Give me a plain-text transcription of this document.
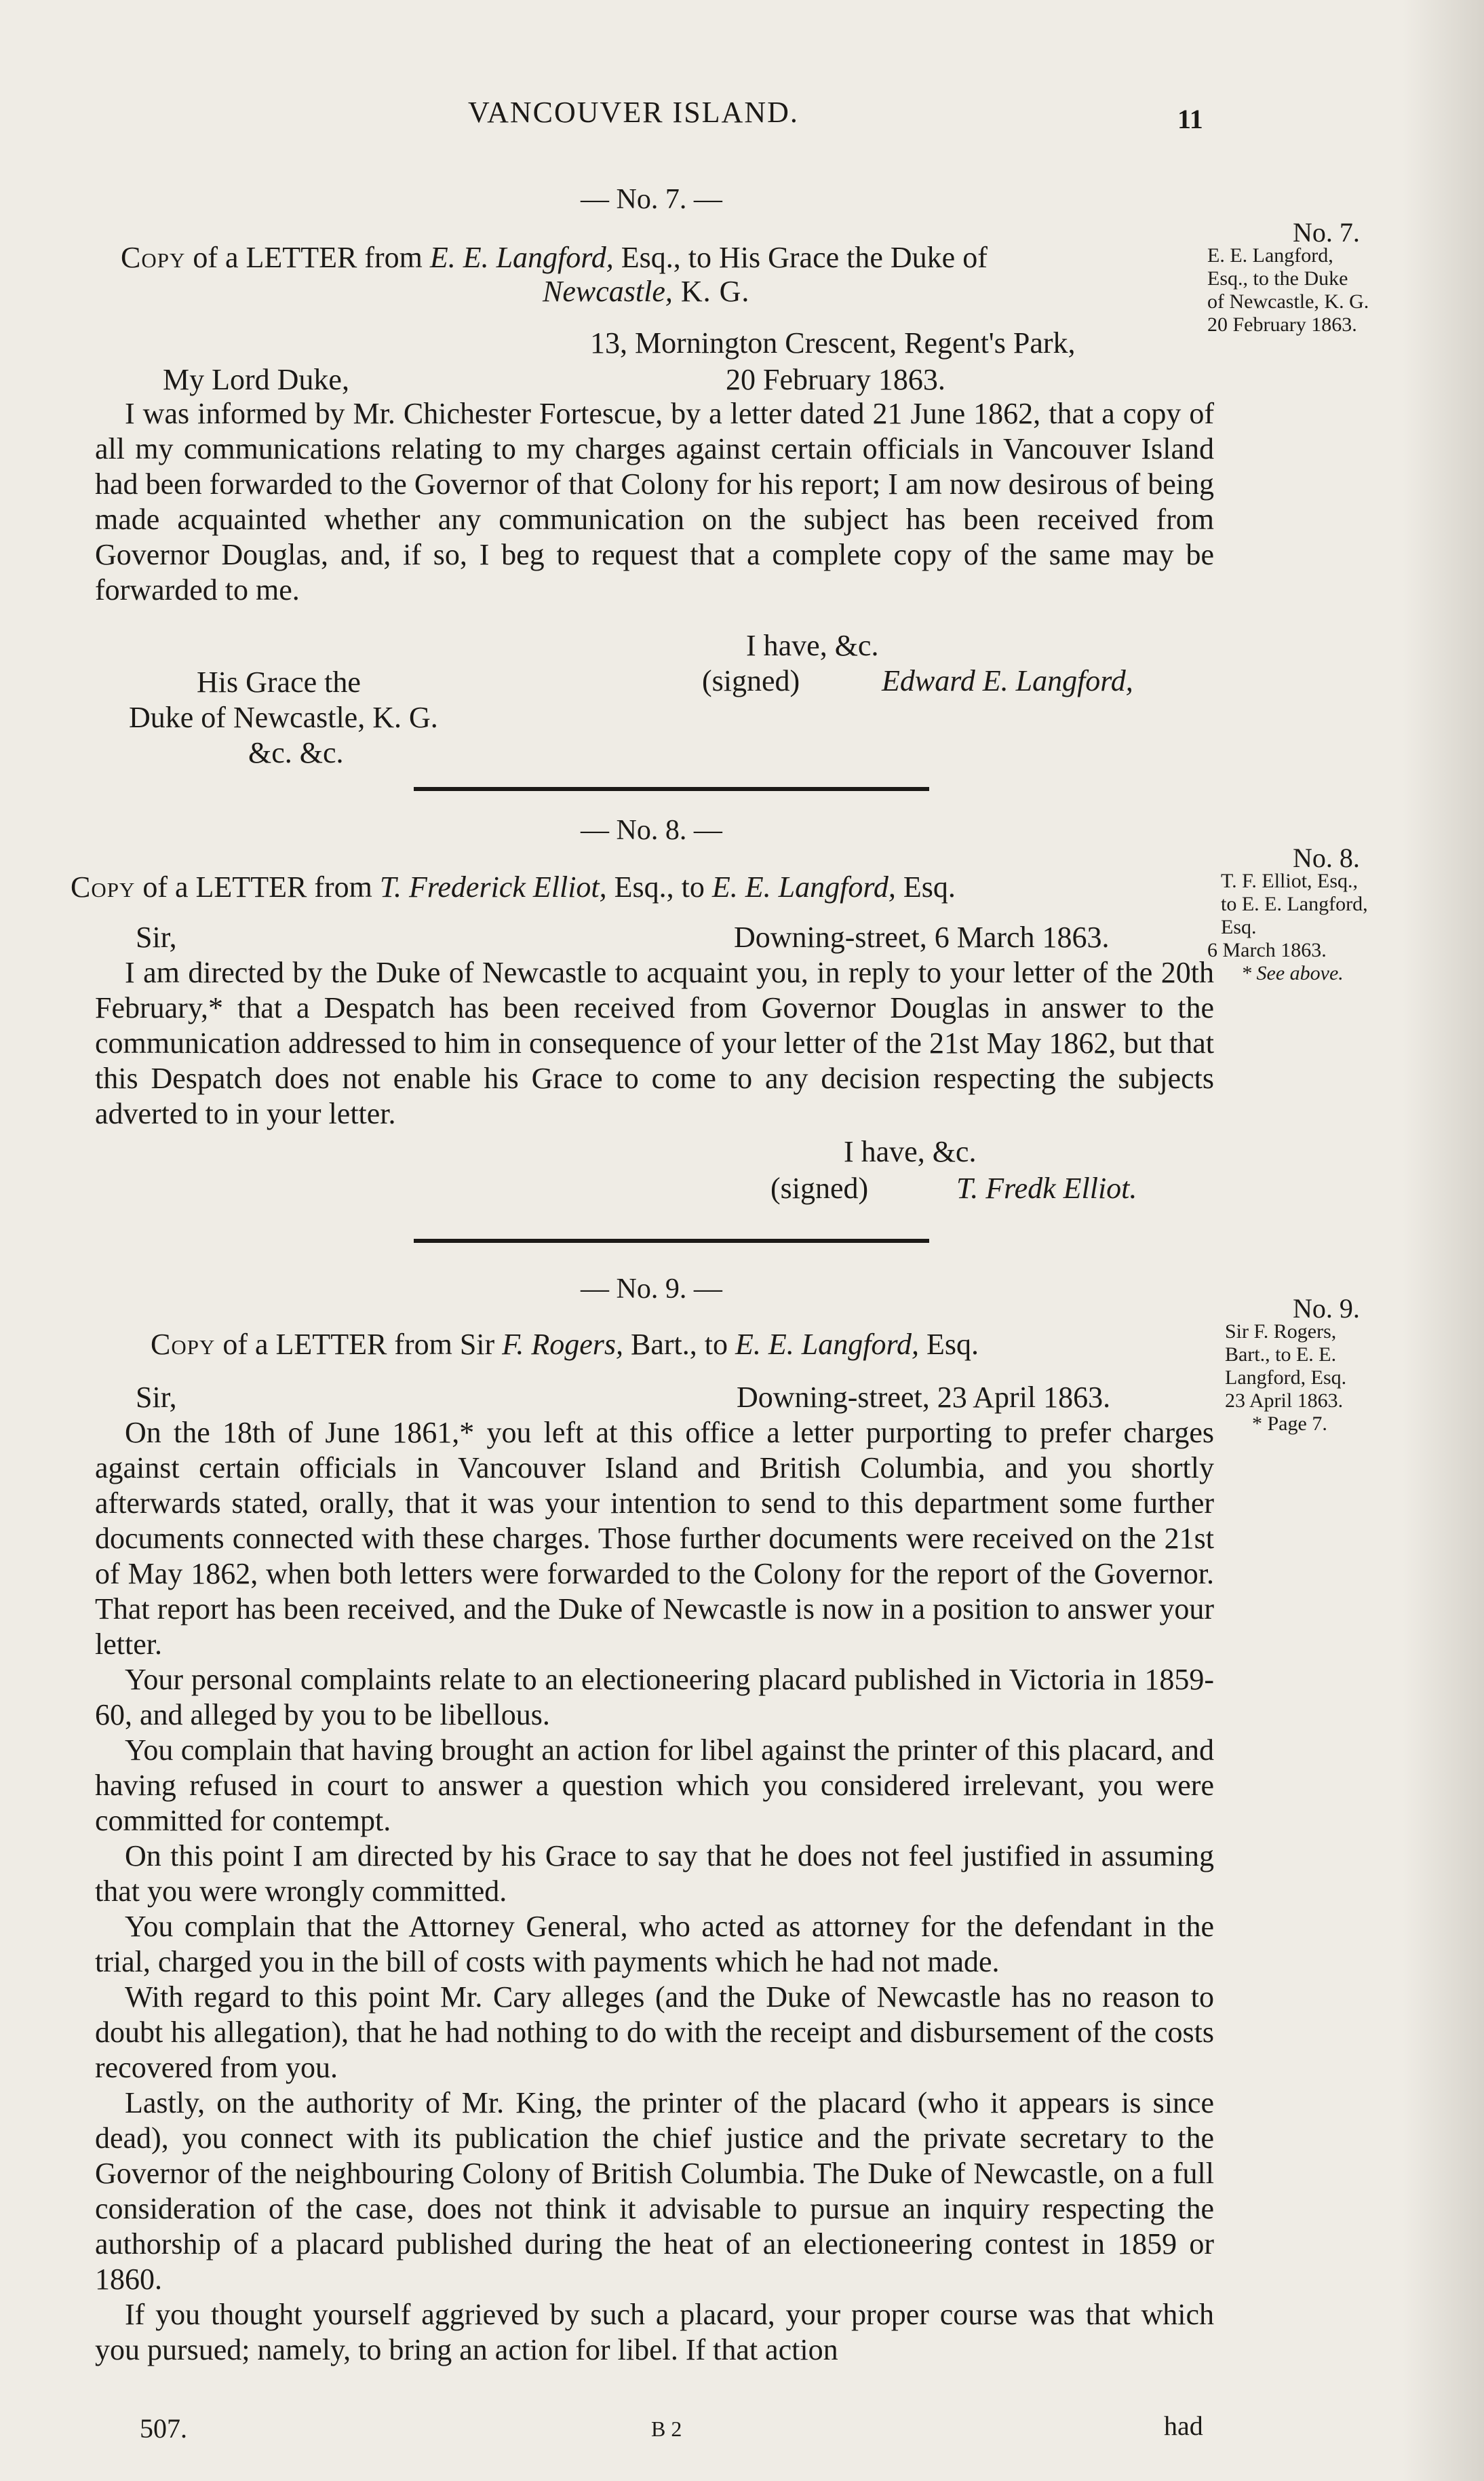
VANCOUVER ISLAND.	11
— No. 7. —
Copy of a LETTER from E. E. Langford, Esq., to His Grace the Duke of
Newcastle, K. G.
13, Mornington Crescent, Regent's Park,
My Lord Duke,	20 February 1863.

I was informed by Mr. Chichester Fortescue, by a letter dated 21 June 1862, that a copy of all my communications relating to my charges against certain officials in Vancouver Island had been forwarded to the Governor of that Colony for his report; I am now desirous of being made acquainted whether any communication on the subject has been received from Governor Douglas, and, if so, I beg to request that a complete copy of the same may be forwarded to me.

I have, &c.
(signed)	Edward E. Langford,
His Grace the
Duke of Newcastle, K. G.
&c. &c.
No. 7.
E. E. Langford,
Esq., to the Duke
of Newcastle, K. G.
20 February 1863.
— No. 8. —
Copy of a LETTER from T. Frederick Elliot, Esq., to E. E. Langford, Esq.
Sir,	Downing-street, 6 March 1863.

I am directed by the Duke of Newcastle to acquaint you, in reply to your letter of the 20th February,* that a Despatch has been received from Governor Douglas in answer to the communication addressed to him in consequence of your letter of the 21st May 1862, but that this Despatch does not enable his Grace to come to any decision respecting the subjects adverted to in your letter.

I have, &c.
(signed)	T. Fredk Elliot.
No. 8.
T. F. Elliot, Esq.,
to E. E. Langford,
Esq.
6 March 1863.
* See above.
— No. 9. —
Copy of a LETTER from Sir F. Rogers, Bart., to E. E. Langford, Esq.
Sir,	Downing-street, 23 April 1863.

On the 18th of June 1861,* you left at this office a letter purporting to prefer charges against certain officials in Vancouver Island and British Columbia, and you shortly afterwards stated, orally, that it was your intention to send to this department some further documents connected with these charges. Those further documents were received on the 21st of May 1862, when both letters were forwarded to the Colony for the report of the Governor. That report has been received, and the Duke of Newcastle is now in a position to answer your letter.

Your personal complaints relate to an electioneering placard published in Victoria in 1859-60, and alleged by you to be libellous.

You complain that having brought an action for libel against the printer of this placard, and having refused in court to answer a question which you considered irrelevant, you were committed for contempt.

On this point I am directed by his Grace to say that he does not feel justified in assuming that you were wrongly committed.

You complain that the Attorney General, who acted as attorney for the defendant in the trial, charged you in the bill of costs with payments which he had not made.

With regard to this point Mr. Cary alleges (and the Duke of Newcastle has no reason to doubt his allegation), that he had nothing to do with the receipt and disbursement of the costs recovered from you.

Lastly, on the authority of Mr. King, the printer of the placard (who it appears is since dead), you connect with its publication the chief justice and the private secretary to the Governor of the neighbouring Colony of British Columbia. The Duke of Newcastle, on a full consideration of the case, does not think it advisable to pursue an inquiry respecting the authorship of a placard published during the heat of an electioneering contest in 1859 or 1860.

If you thought yourself aggrieved by such a placard, your proper course was that which you pursued; namely, to bring an action for libel. If that action

No. 9.
Sir F. Rogers,
Bart., to E. E.
Langford, Esq.
23 April 1863.
* Page 7.
507.	B 2	had
